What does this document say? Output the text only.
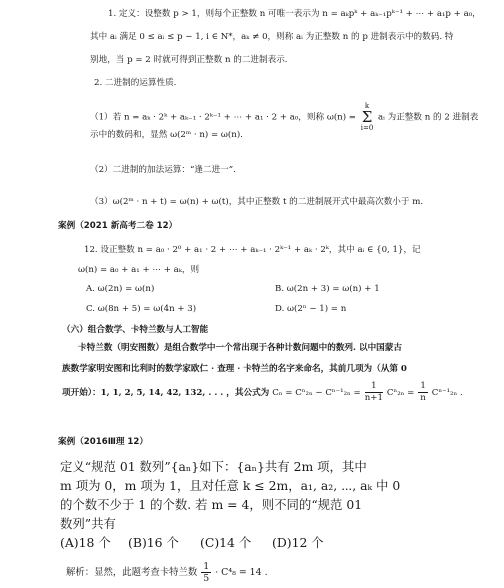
1. 定义：设整数 p > 1，则每个正整数 n 可唯一表示为 n = aₖpᵏ + aₖ₋₁pᵏ⁻¹ + ⋯ + a₁p + a₀，
其中 aᵢ 满足 0 ≤ aᵢ ≤ p − 1, i ∈ N*，aₖ ≠ 0，则称 aᵢ 为正整数 n 的 p 进制表示中的数码. 特
别地，当 p = 2 时就可得到正整数 n 的二进制表示.
2. 二进制的运算性质.
（1）若 n = aₖ · 2ᵏ + aₖ₋₁ · 2ᵏ⁻¹ + ⋯ + a₁ · 2 + a₀，则称 ω(n) = k
Σ
i=0 aᵢ 为正整数 n 的 2 进制表
示中的数码和，显然 ω(2ᵐ · n) = ω(n).
（2）二进制的加法运算：“逢二进一”.
（3）ω(2ᵐ · n + t) = ω(n) + ω(t)，其中正整数 t 的二进制展开式中最高次数小于 m.
案例（2021 新高考二卷 12）
12. 设正整数 n = a₀ · 2⁰ + a₁ · 2 + ⋯ + aₖ₋₁ · 2ᵏ⁻¹ + aₖ · 2ᵏ，其中 aᵢ ∈ {0, 1}，记
ω(n) = a₀ + a₁ + ⋯ + aₖ，则
A. ω(2n) = ω(n)	B. ω(2n + 3) = ω(n) + 1
C. ω(8n + 5) = ω(4n + 3)	D. ω(2ⁿ − 1) = n
（六）组合数学、卡特兰数与人工智能
卡特兰数（明安图数）是组合数学中一个常出现于各种计数问题中的数列. 以中国蒙古
族数学家明安图和比利时的数学家欧仁 · 查理 · 卡特兰的名字来命名，其前几项为（从第 0
项开始）：1, 1, 2, 5, 14, 42, 132, . . . ，其公式为 $C_n = C^n_{2n} - C^{n-1}_{2n} = \frac{1}{n+1} C^n_{2n} = \frac{1}{n} C^{n-1}_{2n}$ .
案例（2016Ⅲ理 12）
定义“规范 01 数列”{aₙ}如下：{aₙ}共有 2m 项，其中
m 项为 0，m 项为 1，且对任意 k ≤ 2m，a₁, a₂, ⋯, aₖ 中 0
的个数不少于 1 的个数. 若 m = 4，则不同的“规范 01
数列”共有
(A)18 个 (B)16 个 (C)14 个 (D)12 个
解析：显然，此题考查卡特兰数 $\frac{1}{5} \cdot C^4_8 = 14$ .
